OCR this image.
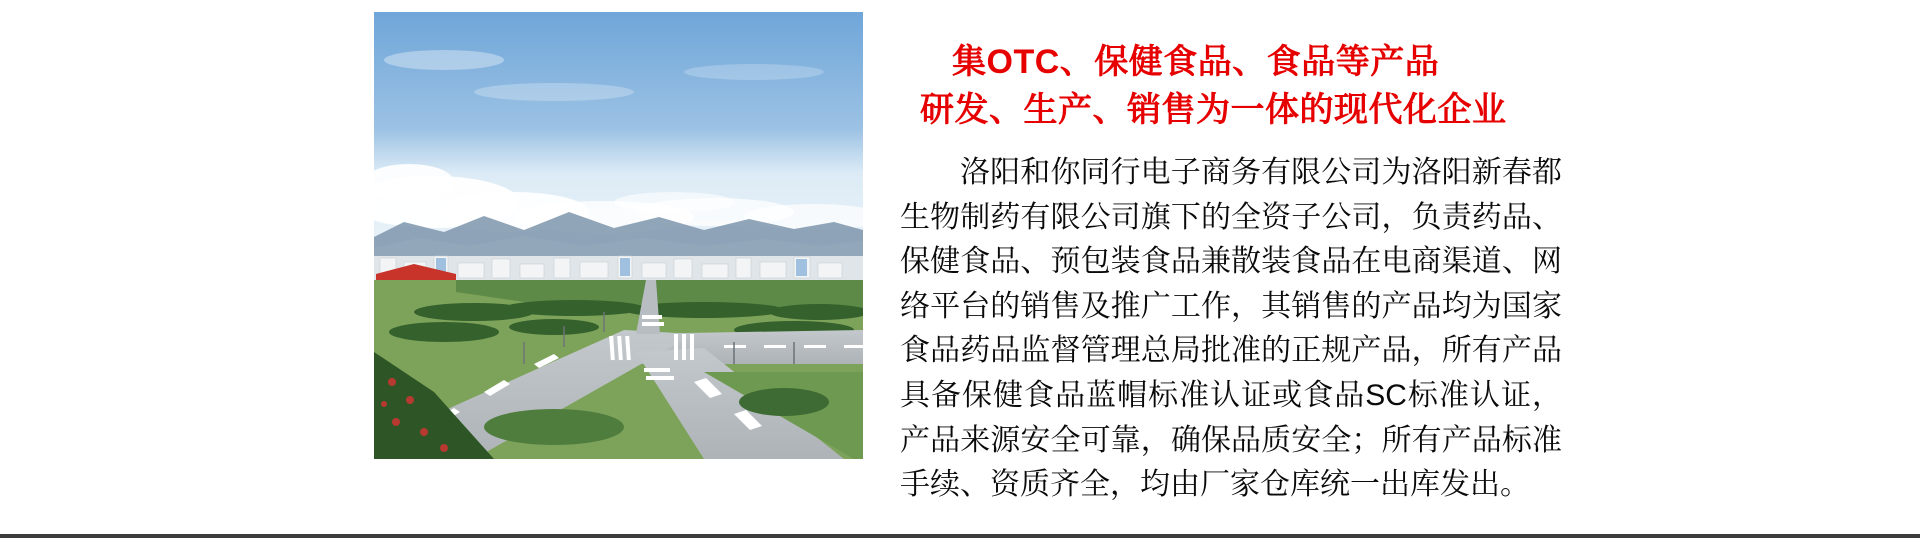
集OTC、保健食品、食品等产品
研发、生产、销售为一体的现代化企业

洛阳和你同行电子商务有限公司为洛阳新春都生物制药有限公司旗下的全资子公司，负责药品、保健食品、预包装食品兼散装食品在电商渠道、网络平台的销售及推广工作，其销售的产品均为国家食品药品监督管理总局批准的正规产品，所有产品具备保健食品蓝帽标准认证或食品SC标准认证，产品来源安全可靠，确保品质安全；所有产品标准手续、资质齐全，均由厂家仓库统一出库发出。
